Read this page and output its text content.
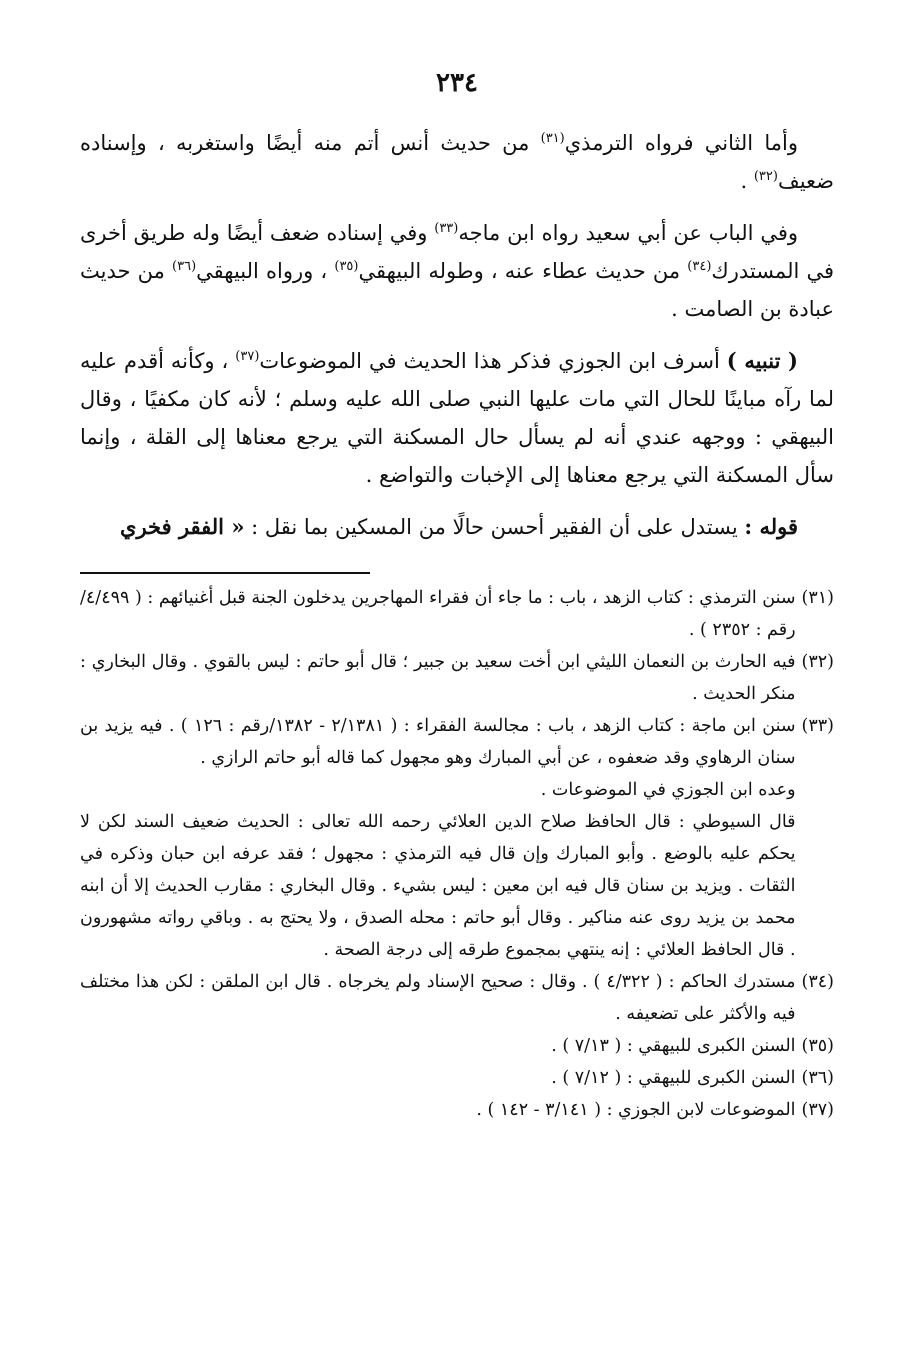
٢٣٤

وأما الثاني فرواه الترمذي$^{(٣١)}$ من حديث أنس أتم منه أيضًا واستغربه ، وإسناده ضعيف$^{(٣٢)}$ .

وفي الباب عن أبي سعيد رواه ابن ماجه$^{(٣٣)}$ وفي إسناده ضعف أيضًا وله طريق أخرى في المستدرك$^{(٣٤)}$ من حديث عطاء عنه ، وطوله البيهقي$^{(٣٥)}$ ، ورواه البيهقي$^{(٣٦)}$ من حديث عبادة بن الصامت .

( تنبيه ) أسرف ابن الجوزي فذكر هذا الحديث في الموضوعات$^{(٣٧)}$ ، وكأنه أقدم عليه لما رآه مباينًا للحال التي مات عليها النبي صلى الله عليه وسلم ؛ لأنه كان مكفيًا ، وقال البيهقي : ووجهه عندي أنه لم يسأل حال المسكنة التي يرجع معناها إلى القلة ، وإنما سأل المسكنة التي يرجع معناها إلى الإخبات والتواضع .

قوله : يستدل على أن الفقير أحسن حالًا من المسكين بما نقل : « الفقر فخري

(٣١)
سنن الترمذي : كتاب الزهد ، باب : ما جاء أن فقراء المهاجرين يدخلون الجنة قبل أغنيائهم : ( ٤/٤٩٩/رقم : ٢٣٥٢ ) .
(٣٢)
فيه الحارث بن النعمان الليثي ابن أخت سعيد بن جبير ؛ قال أبو حاتم : ليس بالقوي . وقال البخاري : منكر الحديث .
(٣٣)
سنن ابن ماجة : كتاب الزهد ، باب : مجالسة الفقراء : ( ٢/١٣٨١ - ١٣٨٢/رقم : ١٢٦ ) . فيه يزيد بن سنان الرهاوي وقد ضعفوه ، عن أبي المبارك وهو مجهول كما قاله أبو حاتم الرازي .
وعده ابن الجوزي في الموضوعات .
قال السيوطي : قال الحافظ صلاح الدين العلائي رحمه الله تعالى : الحديث ضعيف السند لكن لا يحكم عليه بالوضع . وأبو المبارك وإن قال فيه الترمذي : مجهول ؛ فقد عرفه ابن حبان وذكره في الثقات . ويزيد بن سنان قال فيه ابن معين : ليس بشيء . وقال البخاري : مقارب الحديث إلا أن ابنه محمد بن يزيد روى عنه مناكير . وقال أبو حاتم : محله الصدق ، ولا يحتج به . وباقي رواته مشهورون . قال الحافظ العلائي : إنه ينتهي بمجموع طرقه إلى درجة الصحة .
(٣٤)
مستدرك الحاكم : ( ٤/٣٢٢ ) . وقال : صحيح الإسناد ولم يخرجاه . قال ابن الملقن : لكن هذا مختلف فيه والأكثر على تضعيفه .
(٣٥)
السنن الكبرى للبيهقي : ( ٧/١٣ ) .
(٣٦)
السنن الكبرى للبيهقي : ( ٧/١٢ ) .
(٣٧)
الموضوعات لابن الجوزي : ( ٣/١٤١ - ١٤٢ ) .
